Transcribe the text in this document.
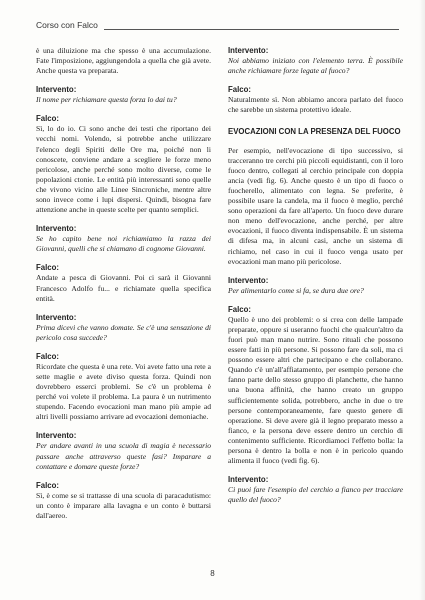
Corso con Falco
è una diluizione ma che spesso è una accumulazione. Fate l'imposizione, aggiungendola a quella che già avete. Anche questa va preparata.
Intervento:
Il nome per richiamare questa forza lo dai tu?
Falco:
Sì, lo do io. Ci sono anche dei testi che riportano dei vecchi nomi. Volendo, si potrebbe anche utilizzare l'elenco degli Spiriti delle Ore ma, poiché non li conoscete, conviene andare a scegliere le forze meno pericolose, anche perché sono molto diverse, come le popolazioni ctonie. Le entità più interessanti sono quelle che vivono vicino alle Linee Sincroniche, mentre altre sono invece come i lupi dispersi. Quindi, bisogna fare attenzione anche in queste scelte per quanto semplici.
Intervento:
Se ho capito bene noi richiamiamo la razza dei Giovanni, quelli che si chiamano di cognome Giovanni.
Falco:
Andate a pesca di Giovanni. Poi ci sarà il Giovanni Francesco Adolfo fu... e richiamate quella specifica entità.
Intervento:
Prima dicevi che vanno domate. Se c'è una sensazione di pericolo cosa succede?
Falco:
Ricordate che questa è una rete. Voi avete fatto una rete a sette maglie e avete diviso questa forza. Quindi non dovrebbero esserci problemi. Se c'è un problema è perché voi volete il problema. La paura è un nutrimento stupendo. Facendo evocazioni man mano più ampie ad altri livelli possiamo arrivare ad evocazioni demoniache.
Intervento:
Per andare avanti in una scuola di magia è necessario passare anche attraverso queste fasi? Imparare a contattare e domare queste forze?
Falco:
Sì, è come se si trattasse di una scuola di paracadutismo: un conto è imparare alla lavagna e un conto è buttarsi dall'aereo.
Intervento:
Noi abbiamo iniziato con l'elemento terra. È possibile anche richiamare forze legate al fuoco?
Falco:
Naturalmente sì. Non abbiamo ancora parlato del fuoco che sarebbe un sistema protettivo ideale.
EVOCAZIONI CON LA PRESENZA DEL FUOCO
Per esempio, nell'evocazione di tipo successivo, si tracceranno tre cerchi più piccoli equidistanti, con il loro fuoco dentro, collegati al cerchio principale con doppia ancia (vedi fig. 6). Anche questo è un tipo di fuoco o fuocherello, alimentato con legna. Se preferite, è possibile usare la candela, ma il fuoco è meglio, perché sono operazioni da fare all'aperto. Un fuoco deve durare non meno dell'evocazione, anche perché, per altre evocazioni, il fuoco diventa indispensabile. È un sistema di difesa ma, in alcuni casi, anche un sistema di richiamo, nel caso in cui il fuoco venga usato per evocazioni man mano più pericolose.
Intervento:
Per alimentarlo come si fa, se dura due ore?
Falco:
Quello è uno dei problemi: o si crea con delle lampade preparate, oppure si useranno fuochi che qualcun'altro da fuori può man mano nutrire. Sono rituali che possono essere fatti in più persone. Si possono fare da soli, ma ci possono essere altri che partecipano e che collaborano. Quando c'è un'all'affiatamento, per esempio persone che fanno parte dello stesso gruppo di planchette, che hanno una buona affinità, che hanno creato un gruppo sufficientemente solida, potrebbero, anche in due o tre persone contemporaneamente, fare questo genere di operazione. Si deve avere già il legno preparato messo a fianco, e la persona deve essere dentro un cerchio di contenimento sufficiente. Ricordiamoci l'effetto bolla: la persona è dentro la bolla e non è in pericolo quando alimenta il fuoco (vedi fig. 6).
Intervento:
Ci puoi fare l'esempio del cerchio a fianco per tracciare quello del fuoco?
8
